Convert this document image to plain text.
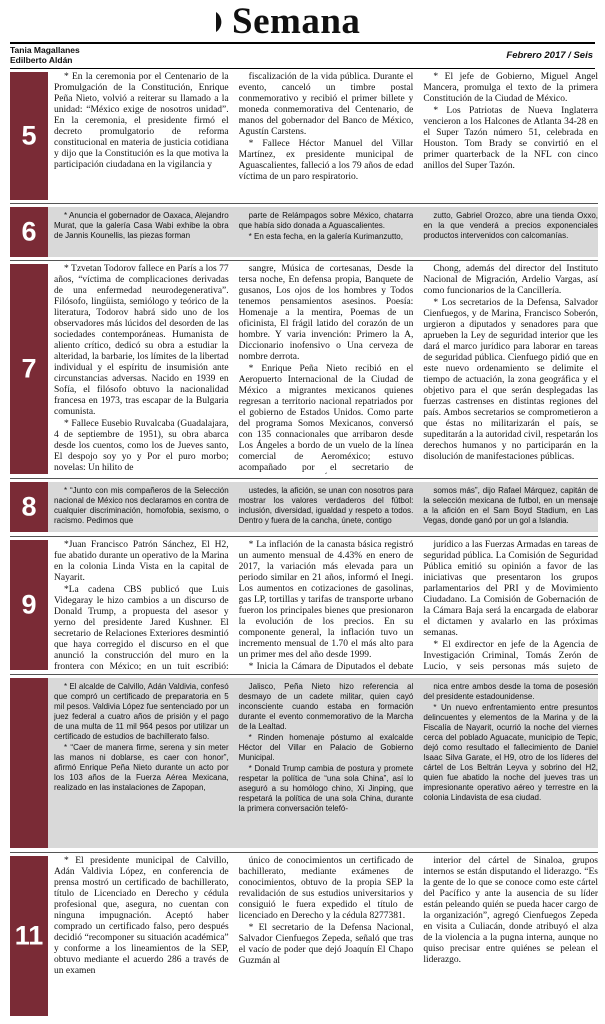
Semana
Tania Magallanes
Edilberto Aldán	Febrero 2017 / Seis
5

* En la ceremonia por el Centenario de la Promulgación de la Constitución, Enrique Peña Nieto, volvió a reiterar su llamado a la unidad: “México exige de nosotros unidad”. En la ceremonia, el presidente firmó el decreto promulgatorio de reforma constitucional en materia de justicia cotidiana y dijo que la Constitución es la que motiva la participación ciudadana en la vigilancia y

fiscalización de la vida pública. Durante el evento, canceló un timbre postal conmemorativo y recibió el primer billete y moneda conmemorativa del Centenario, de manos del gobernador del Banco de México, Agustín Carstens.

* Fallece Héctor Manuel del Villar Martínez, ex presidente municipal de Aguascalientes, falleció a los 79 años de edad víctima de un paro respiratorio.

* El jefe de Gobierno, Miguel Ángel Mancera, promulga el texto de la primera Constitución de la Ciudad de México.

* Los Patriotas de Nueva Inglaterra vencieron a los Halcones de Atlanta 34-28 en el Super Tazón número 51, celebrada en Houston. Tom Brady se convirtió en el primer quarterback de la NFL con cinco anillos del Super Tazón.

6

* Anuncia el gobernador de Oaxaca, Alejandro Murat, que la galería Casa Wabi exhibe la obra de Jannis Kounellis, las piezas forman

parte de Relámpagos sobre México, chatarra que había sido donada a Aguascalientes.

* En esta fecha, en la galería Kurimanzutto,

zutto, Gabriel Orozco, abre una tienda Oxxo, en la que venderá a precios exponenciales productos intervenidos con calcomanías.

7

* Tzvetan Todorov fallece en París a los 77 años, “víctima de complicaciones derivadas de una enfermedad neurodegenerativa”. Filósofo, lingüista, semiólogo y teórico de la literatura, Todorov habrá sido uno de los observadores más lúcidos del desorden de las sociedades contemporáneas. Humanista de aliento crítico, dedicó su obra a estudiar la alteridad, la barbarie, los límites de la libertad individual y el espíritu de insumisión ante circunstancias adversas. Nacido en 1939 en Sofía, el filósofo obtuvo la nacionalidad francesa en 1973, tras escapar de la Bulgaria comunista.

* Fallece Eusebio Ruvalcaba (Guadalajara, 4 de septiembre de 1951), su obra abarca desde los cuentos, como los de Jueves santo, El despojo soy yo y Por el puro morbo; novelas: Un hilito de

sangre, Música de cortesanas, Desde la tersa noche, En defensa propia, Banquete de gusanos, Los ojos de los hombres y Todos tenemos pensamientos asesinos. Poesía: Homenaje a la mentira, Poemas de un oficinista, El frágil latido del corazón de un hombre. Y varia invención: Primero la A, Diccionario inofensivo o Una cerveza de nombre derrota.

* Enrique Peña Nieto recibió en el Aeropuerto Internacional de la Ciudad de México a migrantes mexicanos quienes regresan a territorio nacional repatriados por el gobierno de Estados Unidos. Como parte del programa Somos Mexicanos, conversó con 135 connacionales que arribaron desde Los Ángeles a bordo de un vuelo de la línea comercial de Aeroméxico; estuvo acompañado por el secretario de

Chong, además del director del Instituto Nacional de Migración, Ardelio Vargas, así como funcionarios de la Cancillería.

* Los secretarios de la Defensa, Salvador Cienfuegos, y de Marina, Francisco Soberón, urgieron a diputados y senadores para que aprueben la Ley de seguridad interior que les dará el marco jurídico para laborar en tareas de seguridad pública. Cienfuego pidió que en este nuevo ordenamiento se delimite el tiempo de actuación, la zona geográfica y el objetivo para el que serán desplegadas las fuerzas castrenses en distintas regiones del país. Ambos secretarios se comprometieron a que éstas no militarizarán el país, se supeditarán a la autoridad civil, respetarán los derechos humanos y no participarán en la disolución de manifestaciones públicas.

8

* “Junto con mis compañeros de la Selección nacional de México nos declaramos en contra de cualquier discriminación, homofobia, sexismo, o racismo. Pedimos que

ustedes, la afición, se unan con nosotros para mostrar los valores verdaderos del fútbol: inclusión, diversidad, igualdad y respeto a todos. Dentro y fuera de la cancha, únete, contigo

somos más”, dijo Rafael Márquez, capitán de la selección mexicana de futbol, en un mensaje a la afición en el Sam Boyd Stadium, en Las Vegas, donde ganó por un gol a Islandia.

9

*Juan Francisco Patrón Sánchez, El H2, fue abatido durante un operativo de la Marina en la colonia Linda Vista en la capital de Nayarit.

*La cadena CBS publicó que Luis Videgaray le hizo cambios a un discurso de Donald Trump, a propuesta del asesor y yerno del presidente Jared Kushner. El secretario de Relaciones Exteriores desmintió que haya corregido el discurso en el que anunció la construcción del muro en la frontera con México; en un tuit escribió:

* La inflación de la canasta básica registró un aumento mensual de 4.43% en enero de 2017, la variación más elevada para un periodo similar en 21 años, informó el Inegi. Los aumentos en cotizaciones de gasolinas, gas LP, tortillas y tarifas de transporte urbano fueron los principales bienes que presionaron la evolución de los precios. En su componente general, la inflación tuvo un incremento mensual de 1.70 el más alto para un primer mes del año desde 1999.

* Inicia la Cámara de Diputados el debate

jurídico a las Fuerzas Armadas en tareas de seguridad pública. La Comisión de Seguridad Pública emitió su opinión a favor de las iniciativas que presentaron los grupos parlamentarios del PRI y de Movimiento Ciudadano. La Comisión de Gobernación de la Cámara Baja será la encargada de elaborar el dictamen y avalarlo en las próximas semanas.

* El exdirector en jefe de la Agencia de Investigación Criminal, Tomás Zerón de Lucio, y seis personas más sujeto de

* El alcalde de Calvillo, Adán Valdivia, confesó que compró un certificado de preparatoria en 5 mil pesos. Valdivia López fue sentenciado por un juez federal a cuatro años de prisión y el pago de una multa de 11 mil 964 pesos por utilizar un certificado de estudios de bachillerato falso.

* “Caer de manera firme, serena y sin meter las manos ni doblarse, es caer con honor”, afirmó Enrique Peña Nieto durante un acto por los 103 años de la Fuerza Aérea Mexicana, realizado en las instalaciones de Zapopan,

Jalisco, Peña Nieto hizo referencia al desmayo de un cadete militar, quien cayó inconsciente cuando estaba en formación durante el evento conmemorativo de la Marcha de la Lealtad.

* Rinden homenaje póstumo al exalcalde Héctor del Villar en Palacio de Gobierno Municipal.

* Donald Trump cambia de postura y promete respetar la política de “una sola China”, así lo aseguró a su homólogo chino, Xi Jinping, que respetará la política de una sola China, durante la primera conversación telefó-

nica entre ambos desde la toma de posesión del presidente estadounidense.

* Un nuevo enfrentamiento entre presuntos delincuentes y elementos de la Marina y de la Fiscalía de Nayarit, ocurrió la noche del viernes cerca del poblado Aguacate, municipio de Tepic, dejó como resultado el fallecimiento de Daniel Isaac Silva Garate, el H9, otro de los líderes del cártel de Los Beltrán Leyva y sobrino del H2, quien fue abatido la noche del jueves tras un impresionante operativo aéreo y terrestre en la colonia Lindavista de esa ciudad.

11

* El presidente municipal de Calvillo, Adán Valdivia López, en conferencia de prensa mostró un certificado de bachillerato, título de Licenciado en Derecho y cédula profesional que, asegura, no cuentan con ninguna impugnación. Aceptó haber comprado un certificado falso, pero después decidió “recomponer su situación académica” y conforme a los lineamientos de la SEP, obtuvo mediante el acuerdo 286 a través de un examen

único de conocimientos un certificado de bachillerato, mediante exámenes de conocimientos, obtuvo de la propia SEP la revalidación de sus estudios universitarios y consiguió le fuera expedido el título de licenciado en Derecho y la cédula 8277381.

* El secretario de la Defensa Nacional, Salvador Cienfuegos Zepeda, señaló que tras el vacío de poder que dejó Joaquín El Chapo Guzmán al

interior del cártel de Sinaloa, grupos internos se están disputando el liderazgo. “Es la gente de lo que se conoce como este cártel del Pacífico y ante la ausencia de su líder están peleando quién se pueda hacer cargo de la organización”, agregó Cienfuegos Zepeda en visita a Culiacán, donde atribuyó el alza de la violencia a la pugna interna, aunque no quiso precisar entre quiénes se pelean el liderazgo.
